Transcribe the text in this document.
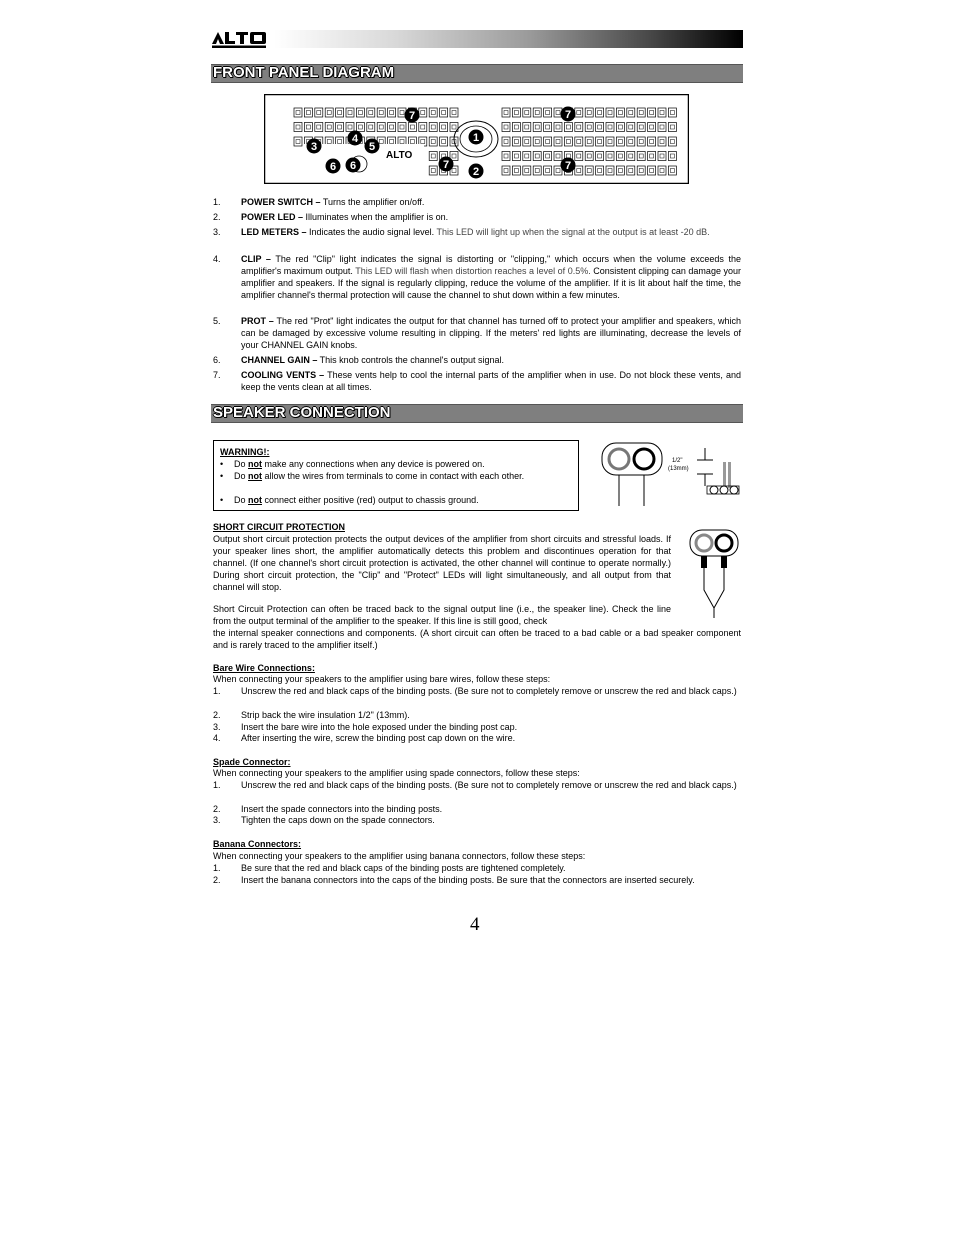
FRONT PANEL DIAGRAM
ALTO
1
2
3
4
5
6 6
7	7
7	7
1.	POWER SWITCH – Turns the amplifier on/off.
2.	POWER LED – Illuminates when the amplifier is on.
3.	LED METERS – Indicates the audio signal level. This LED will light up when the signal at the output is at least -20 dB.
4.	CLIP – The red "Clip" light indicates the signal is distorting or "clipping," which occurs when the volume exceeds the amplifier's maximum output. This LED will flash when distortion reaches a level of 0.5%. Consistent clipping can damage your amplifier and speakers. If the signal is regularly clipping, reduce the volume of the amplifier. If it is lit about half the time, the amplifier channel's thermal protection will cause the channel to shut down within a few minutes.
5.	PROT – The red "Prot" light indicates the output for that channel has turned off to protect your amplifier and speakers, which can be damaged by excessive volume resulting in clipping. If the meters' red lights are illuminating, decrease the levels of your CHANNEL GAIN knobs.
6.	CHANNEL GAIN – This knob controls the channel's output signal.
7.	COOLING VENTS – These vents help to cool the internal parts of the amplifier when in use. Do not block these vents, and keep the vents clean at all times.
SPEAKER CONNECTION
WARNING!:
• Do not make any connections when any device is powered on.
• Do not allow the wires from terminals to come in contact with each other.
• Do not connect either positive (red) output to chassis ground.
1/2"
(13mm)
SHORT CIRCUIT PROTECTION
Output short circuit protection protects the output devices of the amplifier from short circuits and stressful loads. If your speaker lines short, the amplifier automatically detects this problem and discontinues operation for that channel. (If one channel's short circuit protection is activated, the other channel will continue to operate normally.) During short circuit protection, the "Clip" and "Protect" LEDs will light simultaneously, and all output from that channel will stop.
Short Circuit Protection can often be traced back to the signal output line (i.e., the speaker line). Check the line from the output terminal of the amplifier to the speaker. If this line is still good, check
the internal speaker connections and components. (A short circuit can often be traced to a bad cable or a bad speaker component and is rarely traced to the amplifier itself.)
Bare Wire Connections:
When connecting your speakers to the amplifier using bare wires, follow these steps:
1.	Unscrew the red and black caps of the binding posts. (Be sure not to completely remove or unscrew the red and black caps.)
2.	Strip back the wire insulation 1/2" (13mm).
3.	Insert the bare wire into the hole exposed under the binding post cap.
4.	After inserting the wire, screw the binding post cap down on the wire.
Spade Connector:
When connecting your speakers to the amplifier using spade connectors, follow these steps:
1.	Unscrew the red and black caps of the binding posts. (Be sure not to completely remove or unscrew the red and black caps.)
2.	Insert the spade connectors into the binding posts.
3.	Tighten the caps down on the spade connectors.
Banana Connectors:
When connecting your speakers to the amplifier using banana connectors, follow these steps:
1.	Be sure that the red and black caps of the binding posts are tightened completely.
2.	Insert the banana connectors into the caps of the binding posts. Be sure that the connectors are inserted securely.
4
